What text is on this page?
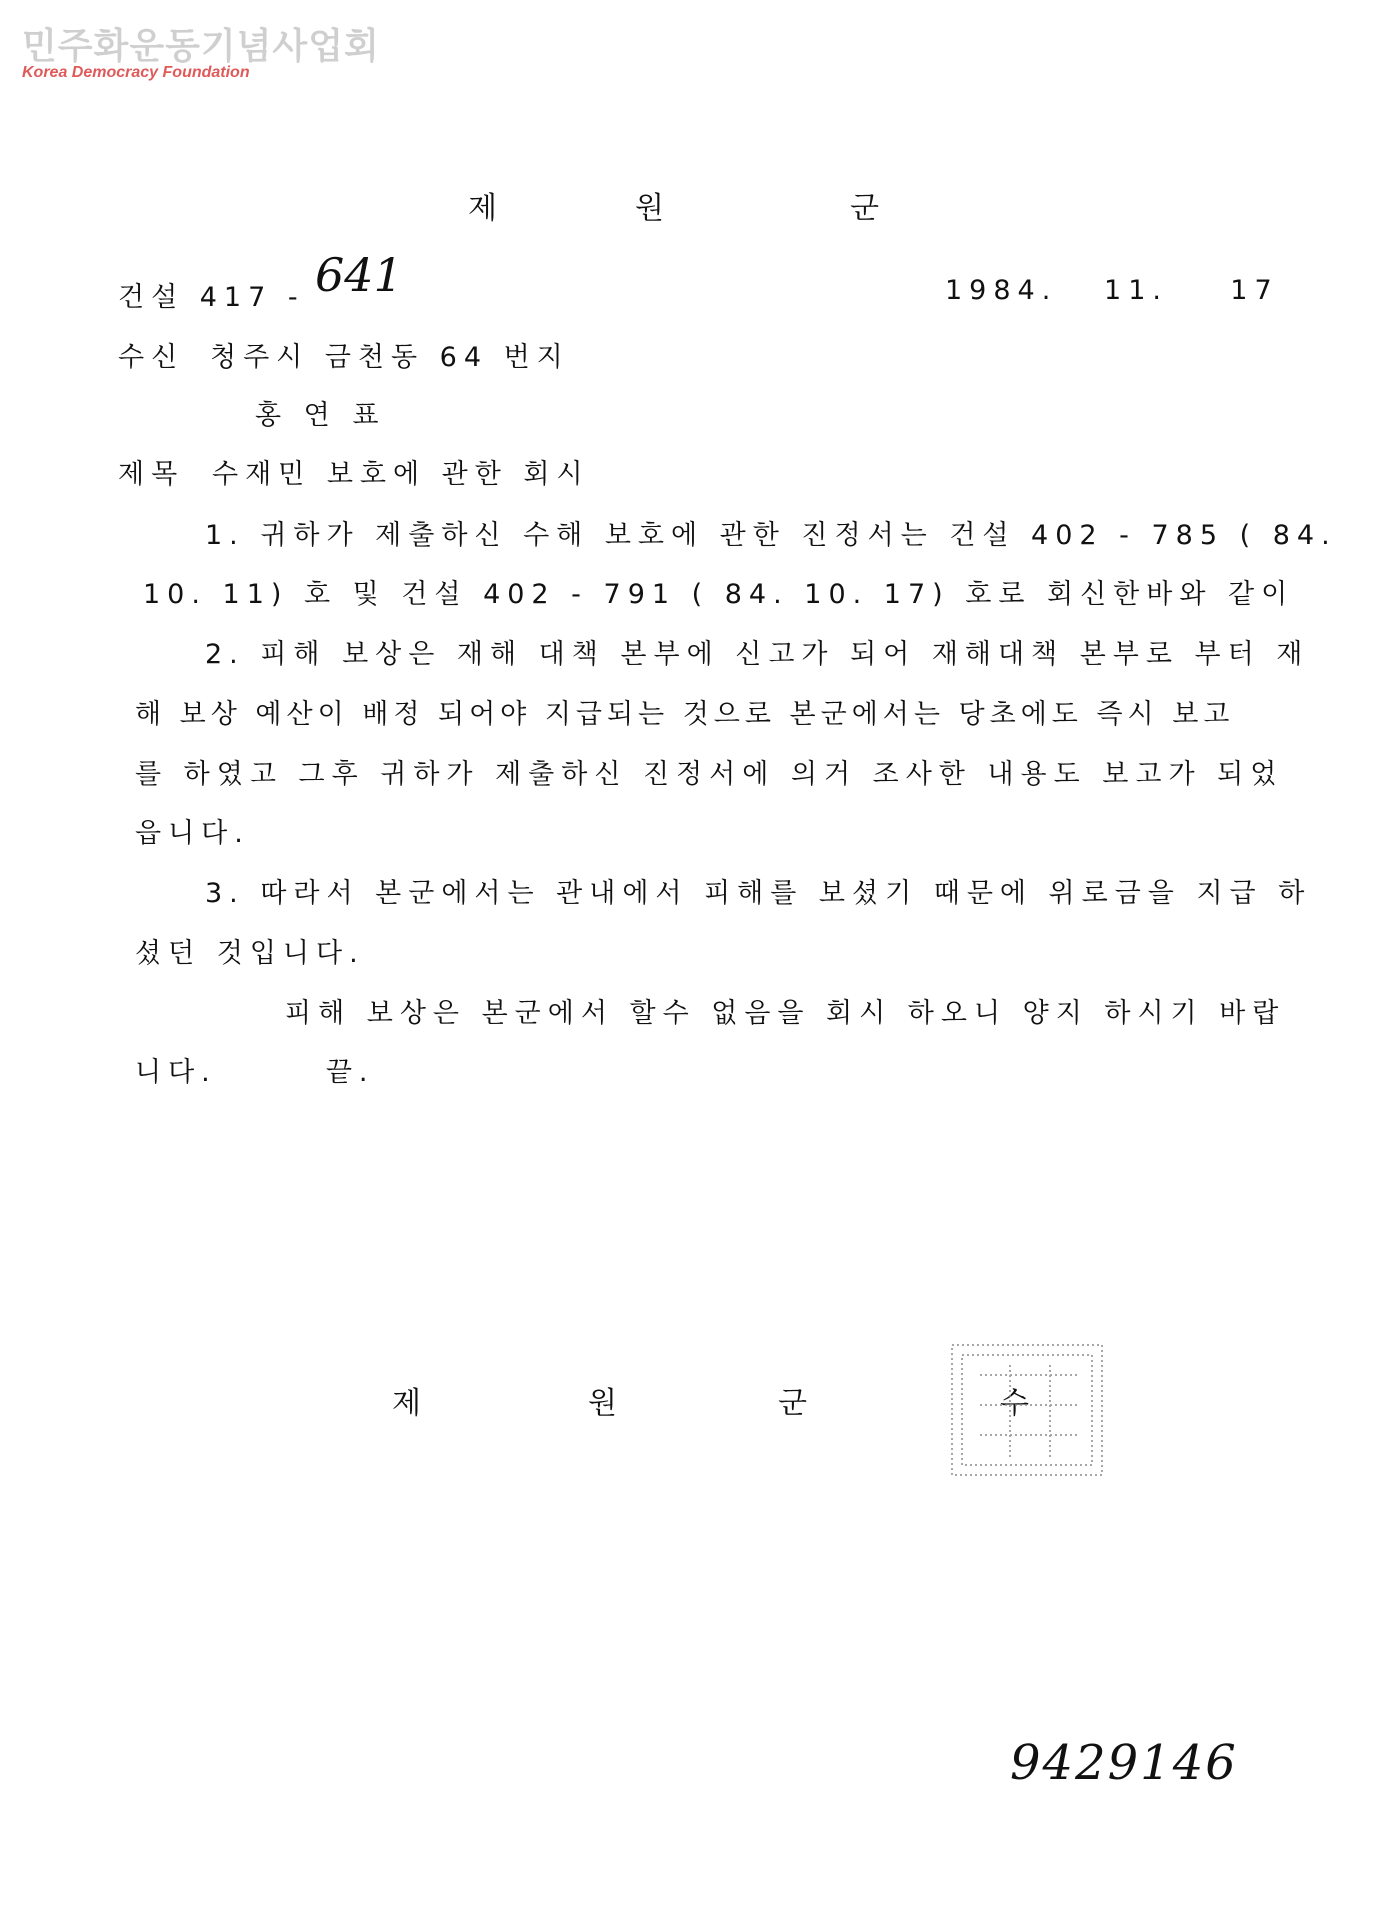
민주화운동기념사업회
Korea Democracy Foundation
제	원	군
건설 417 - 641	1984.   11.    17
수신 청주시 금천동 64 번지
홍 연 표
제목 수재민 보호에 관한 회시
1. 귀하가 제출하신 수해 보호에 관한 진정서는 건설 402 - 785 ( 84.
10. 11) 호 및 건설 402 - 791 ( 84. 10. 17) 호로 회신한바와 같이
2. 피해 보상은 재해 대책 본부에 신고가 되어 재해대책 본부로 부터 재
해 보상 예산이 배정 되어야 지급되는 것으로 본군에서는 당초에도 즉시 보고
를 하였고 그후 귀하가 제출하신 진정서에 의거 조사한 내용도 보고가 되었
읍니다.
3. 따라서 본군에서는 관내에서 피해를 보셨기 때문에 위로금을 지급 하
셨던 것입니다.
피해 보상은 본군에서 할수 없음을 회시 하오니 양지 하시기 바랍
니다.       끝.
제	원	군	수
9429146
